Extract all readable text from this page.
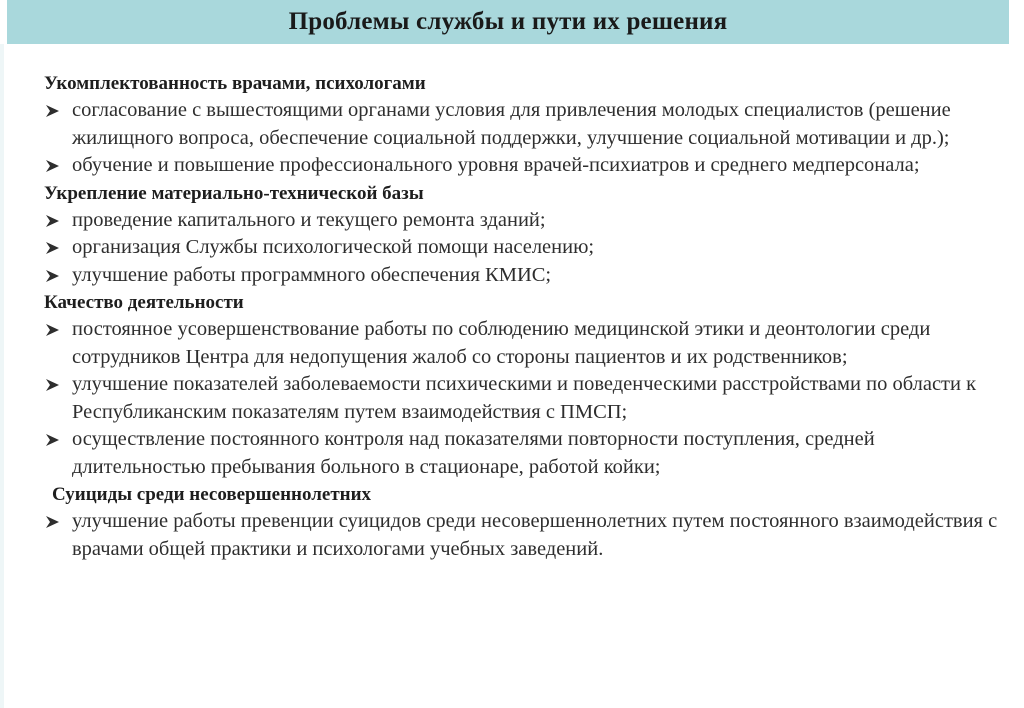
Проблемы службы и пути их решения
Укомплектованность врачами, психологами
согласование с вышестоящими органами условия для привлечения молодых специалистов (решение жилищного вопроса, обеспечение социальной поддержки, улучшение социальной мотивации и др.);
обучение и повышение профессионального уровня врачей-психиатров и среднего медперсонала;
Укрепление материально-технической базы
проведение капитального и текущего ремонта зданий;
организация Службы психологической помощи населению;
улучшение работы программного обеспечения КМИС;
Качество деятельности
постоянное усовершенствование работы по соблюдению медицинской этики и деонтологии среди сотрудников Центра для недопущения жалоб со стороны пациентов и их родственников;
улучшение показателей заболеваемости психическими и поведенческими расстройствами по области к Республиканским показателям путем взаимодействия с ПМСП;
осуществление постоянного контроля над показателями повторности поступления, средней длительностью пребывания больного в стационаре, работой койки;
Суициды среди несовершеннолетних
улучшение работы превенции суицидов среди несовершеннолетних путем постоянного взаимодействия с врачами общей практики и психологами учебных заведений.
